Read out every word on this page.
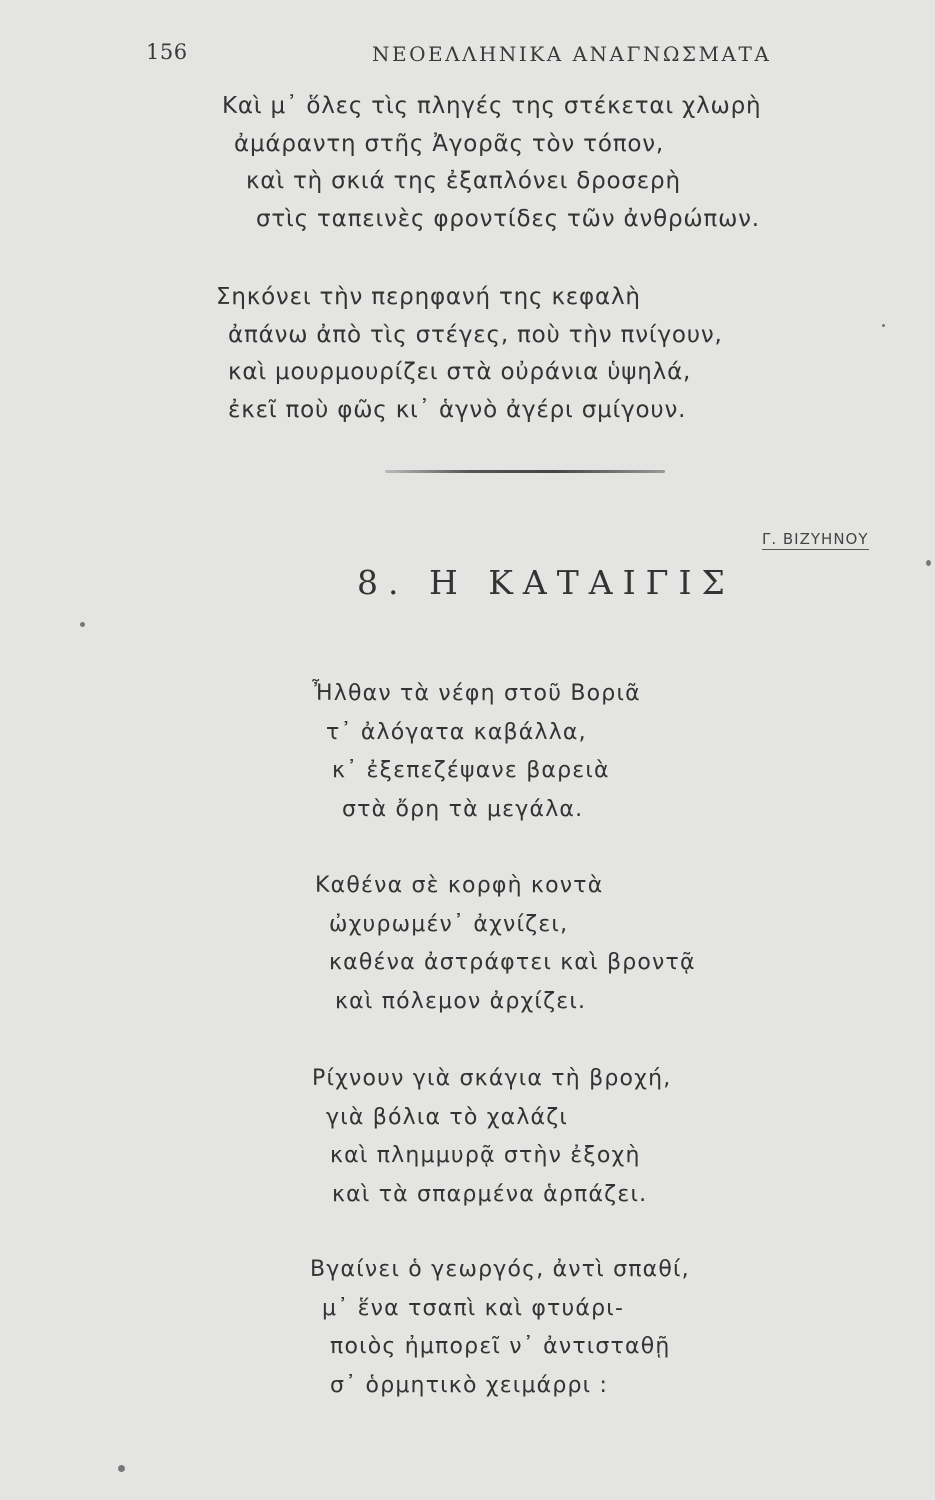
156	ΝΕΟΕΛΛΗΝΙΚΑ ΑΝΑΓΝΩΣΜΑΤΑ
Καὶ μ᾽ ὅλες τὶς πληγές της στέκεται χλωρὴ
ἀμάραντη στῆς Ἀγορᾶς τὸν τόπον,
καὶ τὴ σκιά της ἐξαπλόνει δροσερὴ
στὶς ταπεινὲς φροντίδες τῶν ἀνθρώπων.
Σηκόνει τὴν περηφανή της κεφαλὴ
ἀπάνω ἀπὸ τὶς στέγες, ποὺ τὴν πνίγουν,
καὶ μουρμουρίζει στὰ οὐράνια ὑψηλά,
ἐκεῖ ποὺ φῶς κι᾽ ἁγνὸ ἀγέρι σμίγουν.
Γ. ΒΙΖΥΗΝΟΥ
8. Η ΚΑΤΑΙΓΙΣ
Ἦλθαν τὰ νέφη στοῦ Βοριᾶ
τ᾽ ἀλόγατα καβάλλα,
κ᾽ ἐξεπεζέψανε βαρειὰ
στὰ ὄρη τὰ μεγάλα.
Καθένα σὲ κορφὴ κοντὰ
ὠχυρωμέν᾽ ἀχνίζει,
καθένα ἀστράφτει καὶ βροντᾷ
καὶ πόλεμον ἀρχίζει.
Ρίχνουν γιὰ σκάγια τὴ βροχή,
γιὰ βόλια τὸ χαλάζι
καὶ πλημμυρᾷ στὴν ἐξοχὴ
καὶ τὰ σπαρμένα ἁρπάζει.
Βγαίνει ὁ γεωργός, ἀντὶ σπαθί,
μ᾽ ἕνα τσαπὶ καὶ φτυάρι-
ποιὸς ἠμπορεῖ ν᾽ ἀντισταθῇ
σ᾽ ὁρμητικὸ χειμάρρι :
